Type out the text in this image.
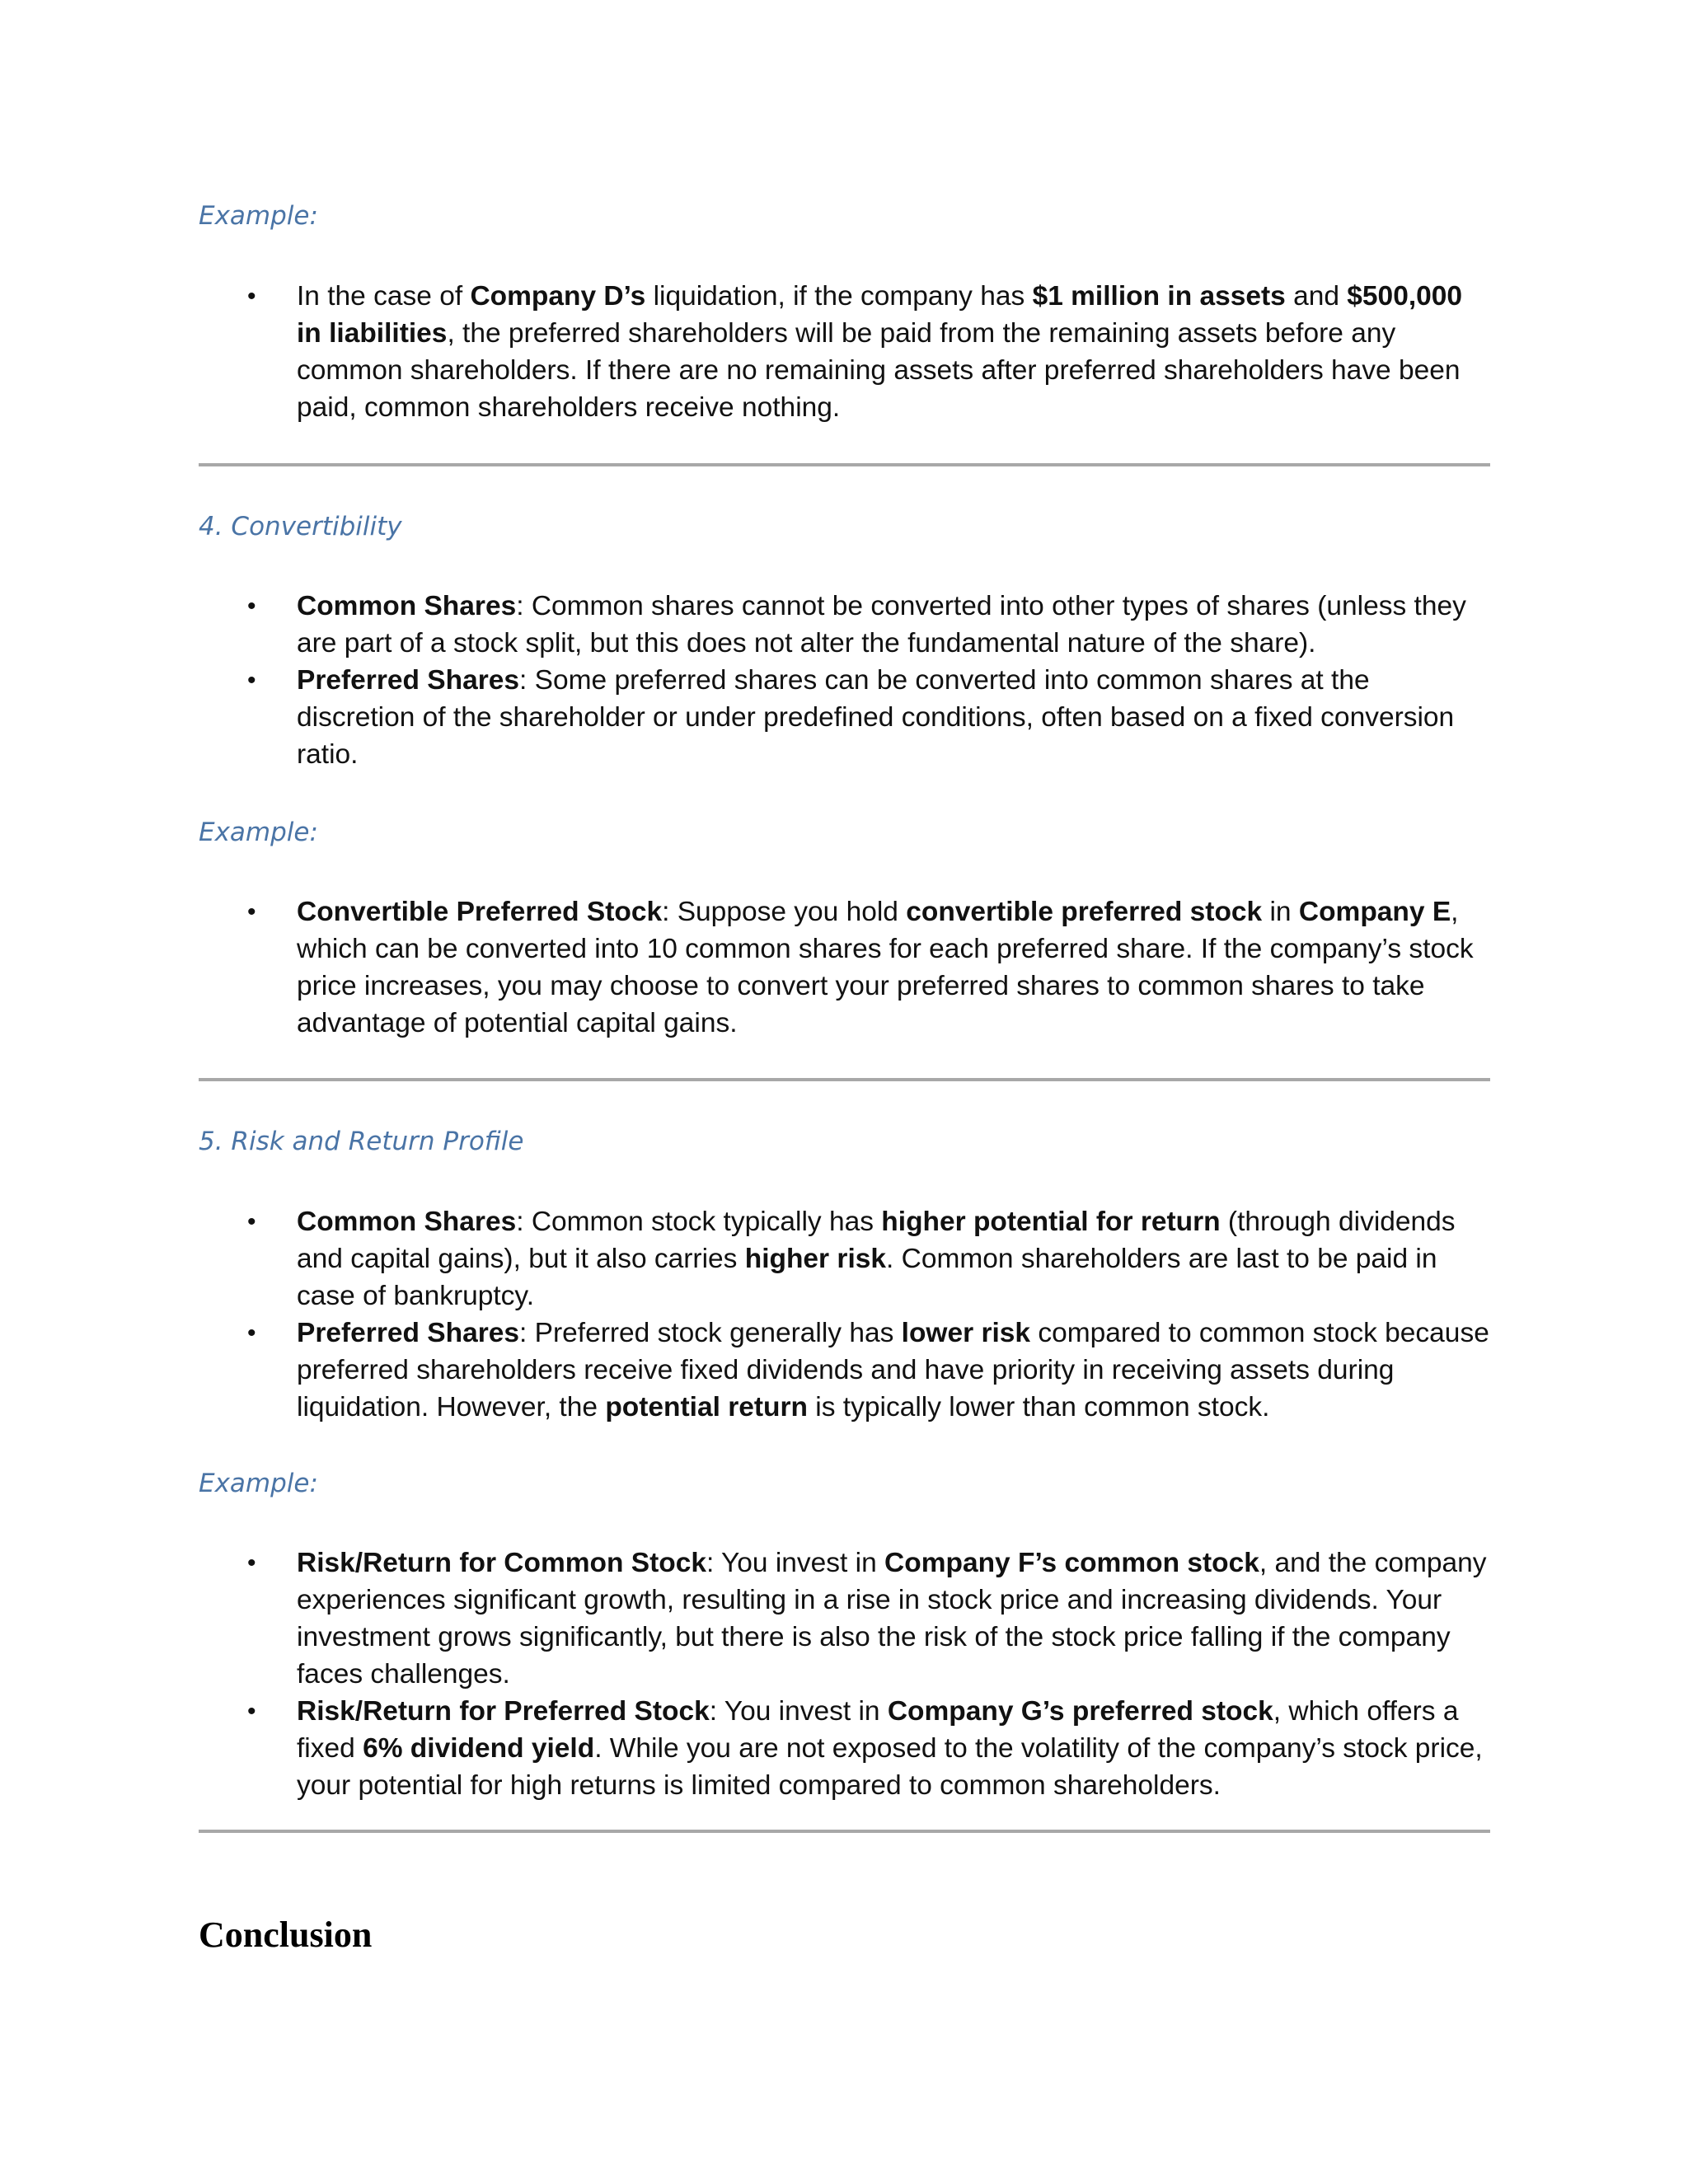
Example:
• In the case of Company D’s liquidation, if the company has $1 million in assets and $500,000 in liabilities, the preferred shareholders will be paid from the remaining assets before any common shareholders. If there are no remaining assets after preferred shareholders have been paid, common shareholders receive nothing.
4. Convertibility
• Common Shares: Common shares cannot be converted into other types of shares (unless they are part of a stock split, but this does not alter the fundamental nature of the share).
• Preferred Shares: Some preferred shares can be converted into common shares at the discretion of the shareholder or under predefined conditions, often based on a fixed conversion ratio.
Example:
• Convertible Preferred Stock: Suppose you hold convertible preferred stock in Company E, which can be converted into 10 common shares for each preferred share. If the company’s stock price increases, you may choose to convert your preferred shares to common shares to take advantage of potential capital gains.
5. Risk and Return Profile
• Common Shares: Common stock typically has higher potential for return (through dividends and capital gains), but it also carries higher risk. Common shareholders are last to be paid in case of bankruptcy.
• Preferred Shares: Preferred stock generally has lower risk compared to common stock because preferred shareholders receive fixed dividends and have priority in receiving assets during liquidation. However, the potential return is typically lower than common stock.
Example:
• Risk/Return for Common Stock: You invest in Company F’s common stock, and the company experiences significant growth, resulting in a rise in stock price and increasing dividends. Your investment grows significantly, but there is also the risk of the stock price falling if the company faces challenges.
• Risk/Return for Preferred Stock: You invest in Company G’s preferred stock, which offers a fixed 6% dividend yield. While you are not exposed to the volatility of the company’s stock price, your potential for high returns is limited compared to common shareholders.
Conclusion
